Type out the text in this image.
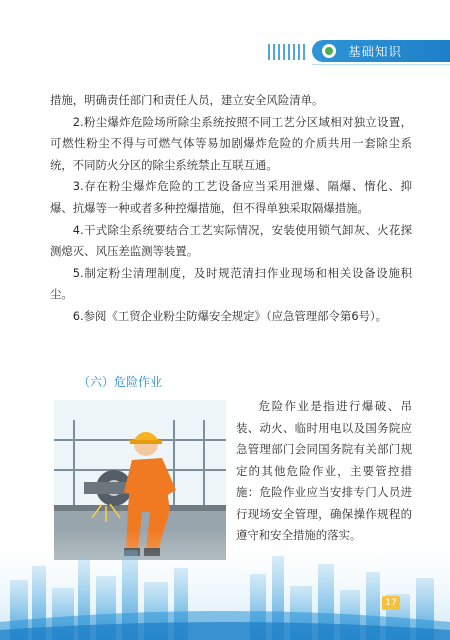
基础知识

措施，明确责任部门和责任人员，建立安全风险清单。

2.粉尘爆炸危险场所除尘系统按照不同工艺分区域相对独立设置，可燃性粉尘不得与可燃气体等易加剧爆炸危险的介质共用一套除尘系统，不同防火分区的除尘系统禁止互联互通。

3.存在粉尘爆炸危险的工艺设备应当采用泄爆、隔爆、惰化、抑爆、抗爆等一种或者多种控爆措施，但不得单独采取隔爆措施。

4.干式除尘系统要结合工艺实际情况，安装使用锁气卸灰、火花探测熄灭、风压差监测等装置。

5.制定粉尘清理制度，及时规范清扫作业现场和相关设备设施积尘。

6.参阅《工贸企业粉尘防爆安全规定》（应急管理部令第6号）。

（六）危险作业

危险作业是指进行爆破、吊装、动火、临时用电以及国务院应急管理部门会同国务院有关部门规定的其他危险作业，主要管控措施：危险作业应当安排专门人员进行现场安全管理，确保操作规程的

17
